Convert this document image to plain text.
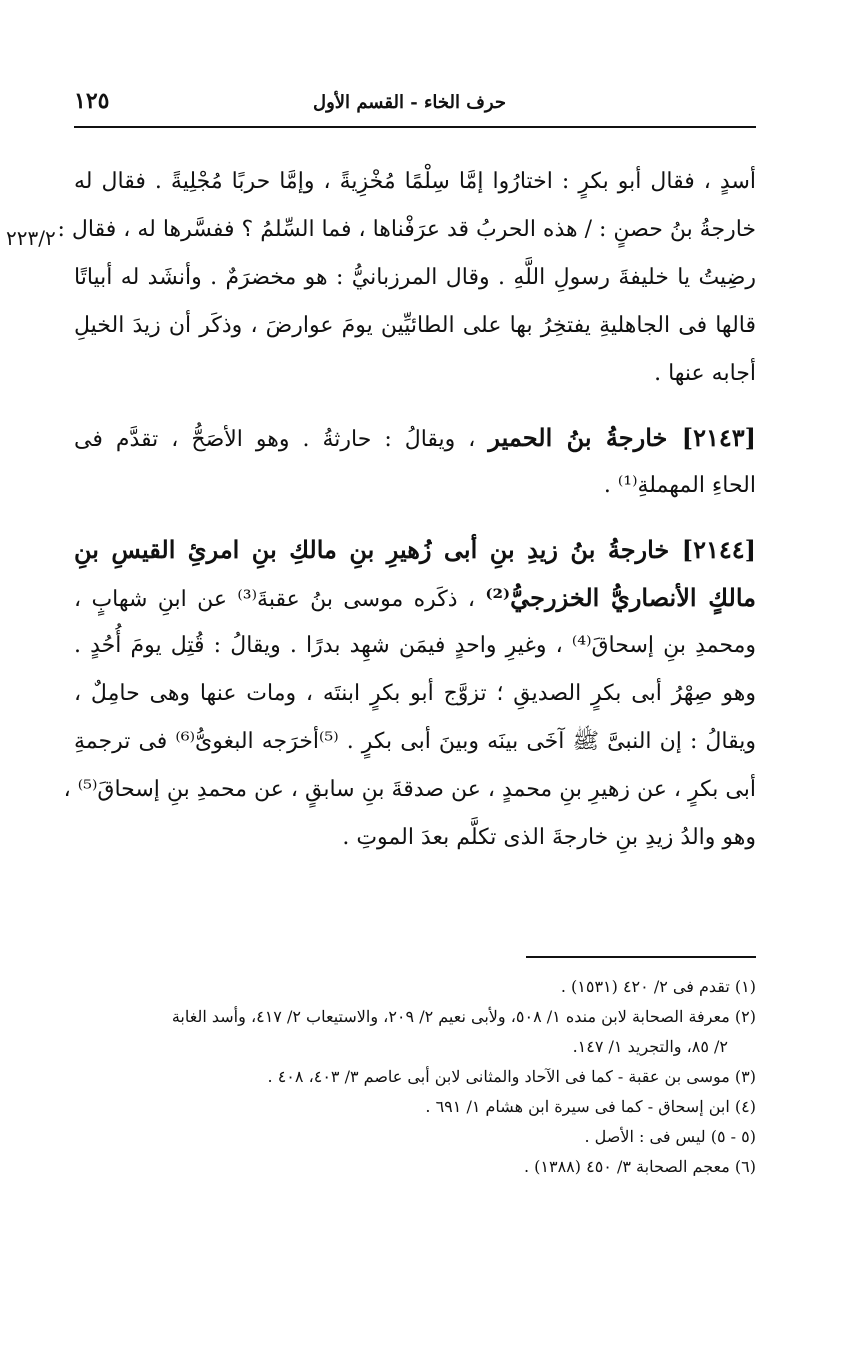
حرف الخاء - القسم الأول
١٢٥
٢٢٣/٢

أسدٍ ، فقال أبو بكرٍ : اختارُوا إمَّا سِلْمًا مُخْزِيةً ، وإمَّا حربًا مُجْلِيةً . فقال له
خارجةُ بنُ حصنٍ : / هذه الحربُ قد عرَفْناها ، فما السِّلمُ ؟ ففسَّرها له ، فقال :
رضِيتُ يا خليفةَ رسولِ اللَّهِ . وقال المرزبانيُّ : هو مخضرَمٌ . وأنشَد له أبياتًا
قالها فى الجاهليةِ يفتخِرُ بها على الطائيِّين يومَ عوارضَ ، وذكَر أن زيدَ الخيلِ
أجابه عنها .

[٢١٤٣] خارجةُ بنُ الحمير ، ويقالُ : حارثةُ . وهو الأصَحُّ ، تقدَّم فى
الحاءِ المهملةِ⁽¹⁾ .

[٢١٤٤] خارجةُ بنُ زيدِ بنِ أبى زُهيرِ بنِ مالكِ بنِ امرئِ القيسِ بنِ
مالكٍ الأنصاريُّ الخزرجيُّ⁽²⁾ ، ذكَره موسى بنُ عقبةَ⁽³⁾ عن ابنِ شهابٍ ،
ومحمدِ بنِ إسحاقَ⁽⁴⁾ ، وغيرِ واحدٍ فيمَن شهِد بدرًا . ويقالُ : قُتِل يومَ أُحُدٍ .
وهو صِهْرُ أبى بكرٍ الصديقِ ؛ تزوَّج أبو بكرٍ ابنتَه ، ومات عنها وهى حامِلٌ ،
ويقالُ : إن النبىَّ ﷺ آخَى بينَه وبينَ أبى بكرٍ . ⁽⁵⁾أخرَجه البغوىُّ⁽⁶⁾ فى ترجمةِ
أبى بكرٍ ، عن زهيرِ بنِ محمدٍ ، عن صدقةَ بنِ سابقٍ ، عن محمدِ بنِ إسحاقَ⁽⁵⁾ ،
وهو والدُ زيدِ بنِ خارجةَ الذى تكلَّم بعدَ الموتِ .

(١) تقدم فى ٢/ ٤٢٠ (١٥٣١) .
(٢) معرفة الصحابة لابن منده ١/ ٥٠٨، ولأبى نعيم ٢/ ٢٠٩، والاستيعاب ٢/ ٤١٧، وأسد الغابة
٢/ ٨٥، والتجريد ١/ ١٤٧.
(٣) موسى بن عقبة - كما فى الآحاد والمثانى لابن أبى عاصم ٣/ ٤٠٣، ٤٠٨ .
(٤) ابن إسحاق - كما فى سيرة ابن هشام ١/ ٦٩١ .
(٥ - ٥) ليس فى : الأصل .
(٦) معجم الصحابة ٣/ ٤٥٠ (١٣٨٨) .
